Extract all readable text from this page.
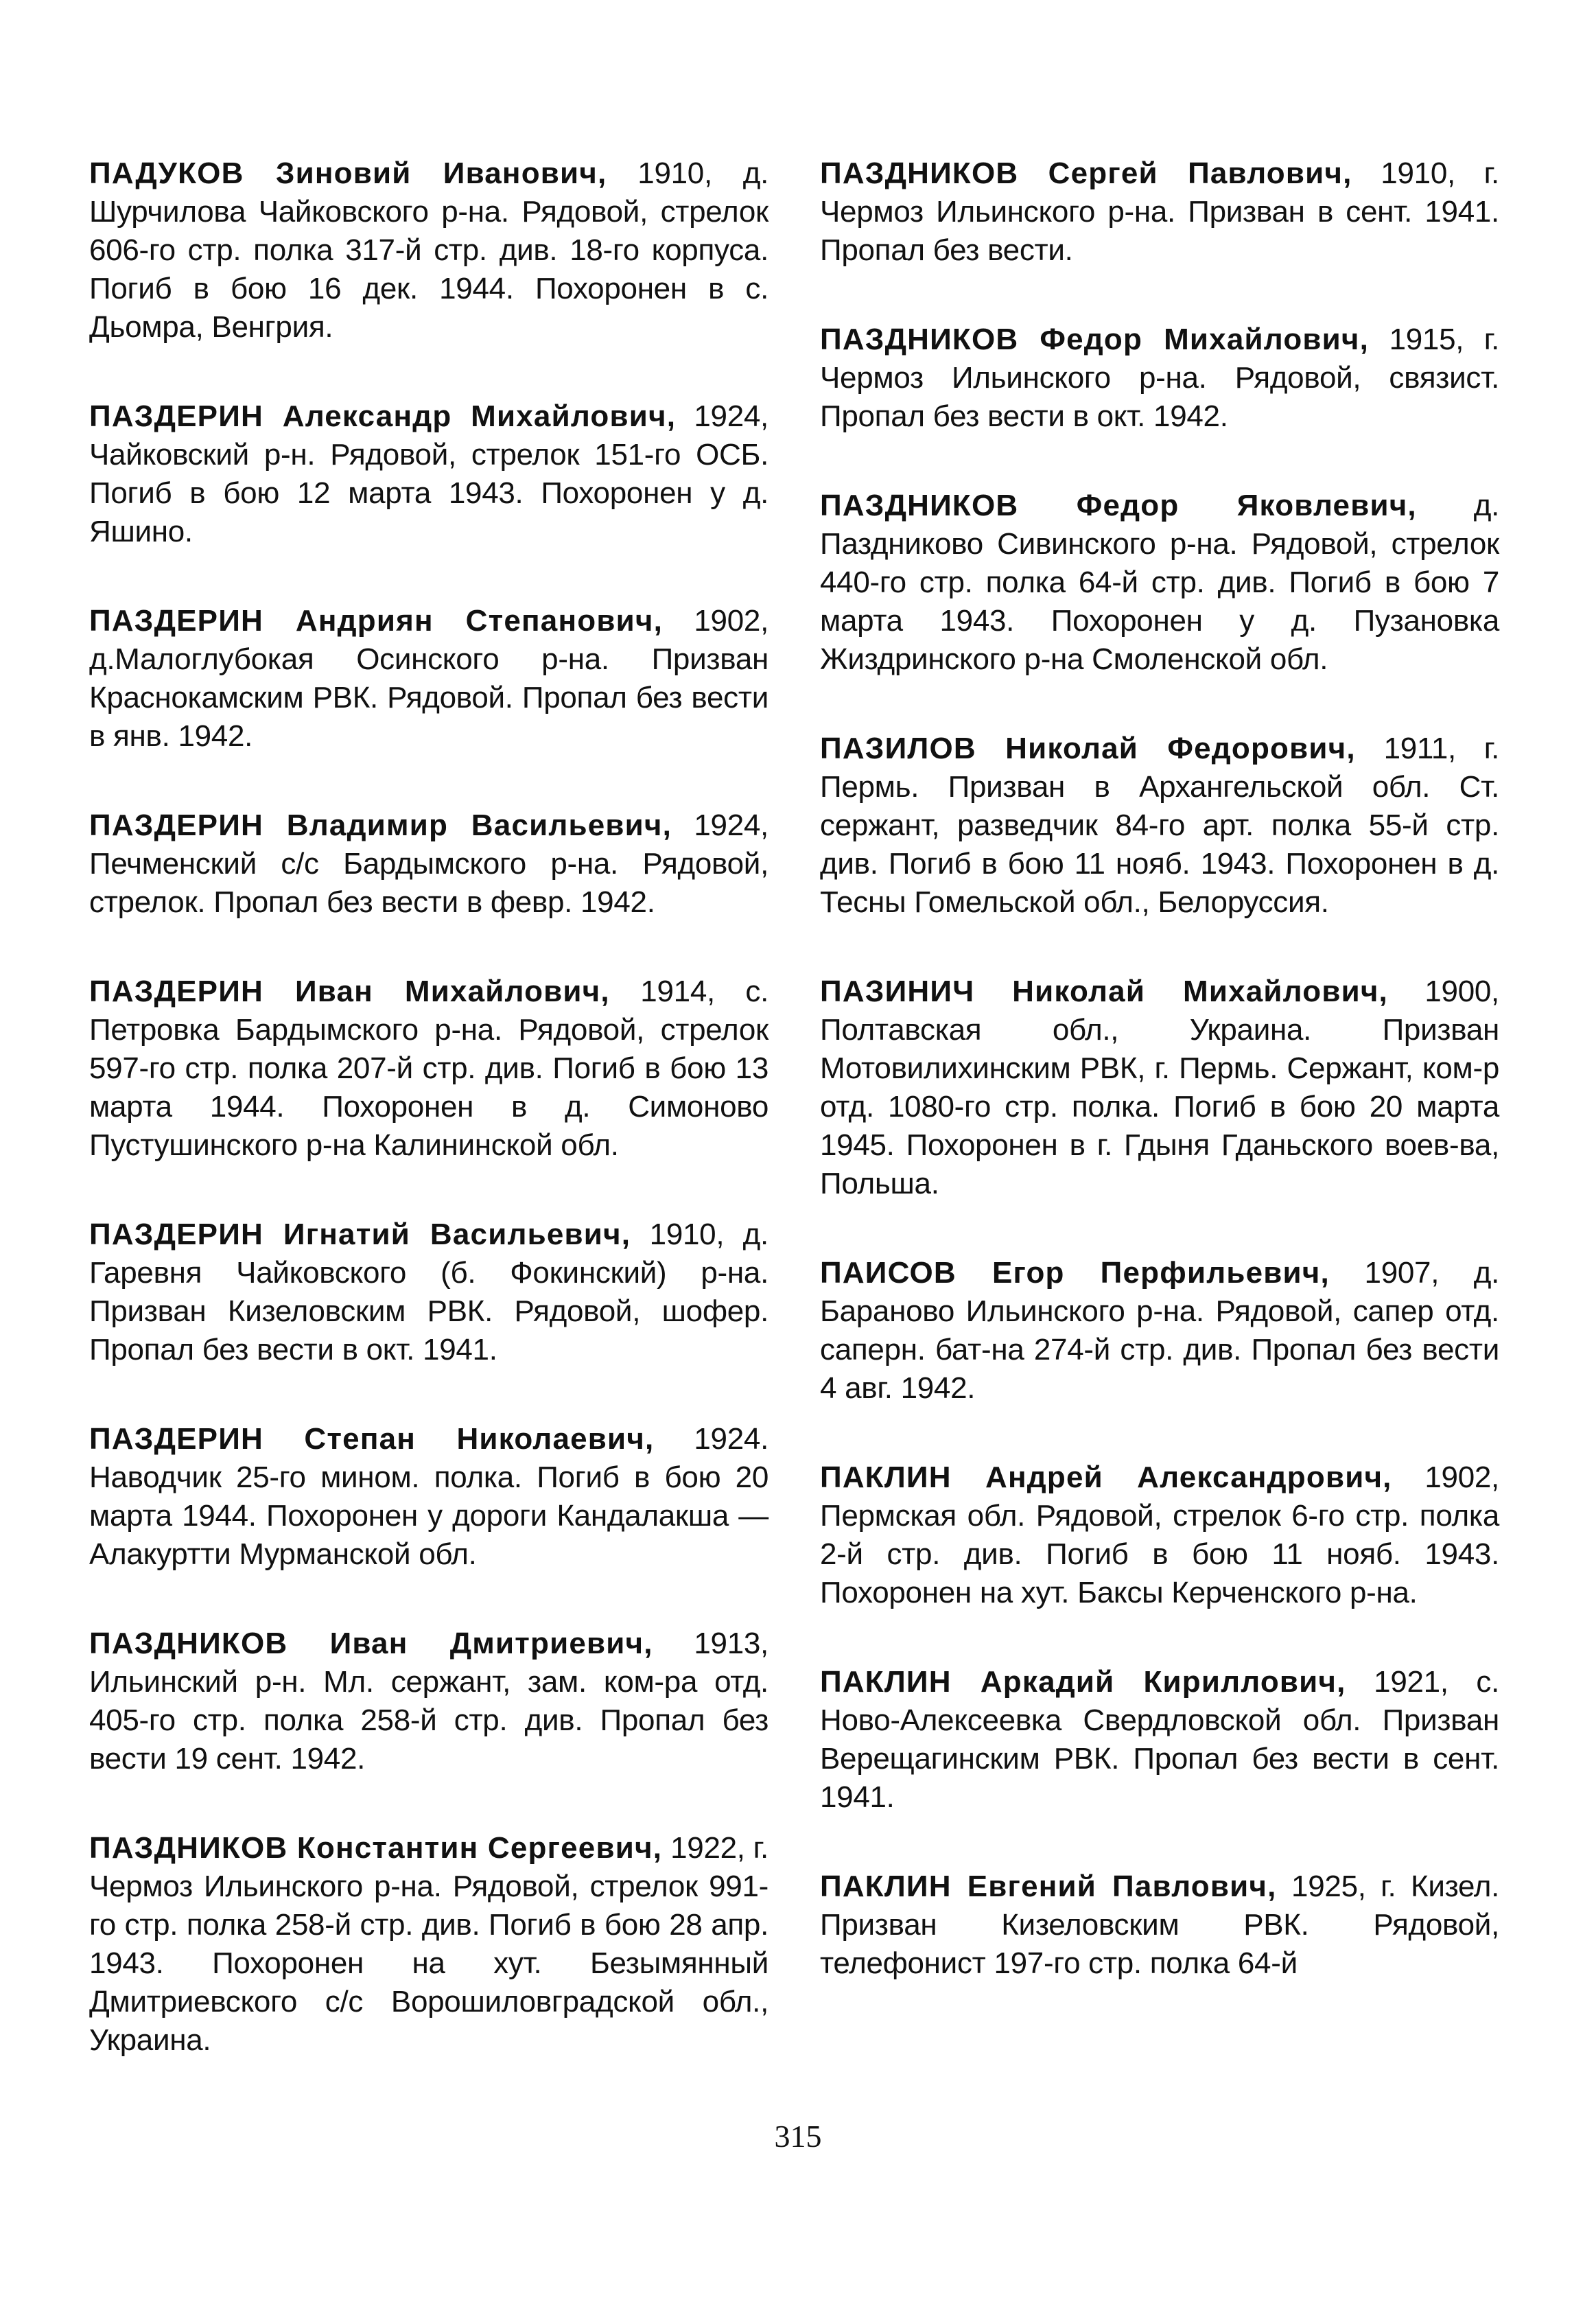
ПАДУКОВ Зиновий Иванович, 1910, д. Шурчилова Чайковского р-на. Рядовой, стрелок 606-го стр. полка 317-й стр. див. 18-го корпуса. Погиб в бою 16 дек. 1944. Похоронен в с. Дьомра, Венгрия.

ПАЗДЕРИН Александр Михайлович, 1924, Чайковский р-н. Рядовой, стрелок 151-го ОСБ. Погиб в бою 12 марта 1943. Похоронен у д. Яшино.

ПАЗДЕРИН Андриян Степанович, 1902, д.Малоглубокая Осинского р-на. Призван Краснокамским РВК. Рядовой. Пропал без вести в янв. 1942.

ПАЗДЕРИН Владимир Васильевич, 1924, Печменский с/с Бардымского р-на. Рядовой, стрелок. Пропал без вести в февр. 1942.

ПАЗДЕРИН Иван Михайлович, 1914, с. Петровка Бардымского р-на. Рядовой, стрелок 597-го стр. полка 207-й стр. див. Погиб в бою 13 марта 1944. Похоронен в д. Симоново Пустушинского р-на Калининской обл.

ПАЗДЕРИН Игнатий Васильевич, 1910, д. Гаревня Чайковского (б. Фокинский) р-на. Призван Кизеловским РВК. Рядовой, шофер. Пропал без вести в окт. 1941.

ПАЗДЕРИН Степан Николаевич, 1924. Наводчик 25-го мином. полка. Погиб в бою 20 марта 1944. Похоронен у дороги Кандалакша — Алакуртти Мурманской обл.

ПАЗДНИКОВ Иван Дмитриевич, 1913, Ильинский р-н. Мл. сержант, зам. ком-ра отд. 405-го стр. полка 258-й стр. див. Пропал без вести 19 сент. 1942.

ПАЗДНИКОВ Константин Сергеевич, 1922, г. Чермоз Ильинского р-на. Рядовой, стрелок 991-го стр. полка 258-й стр. див. Погиб в бою 28 апр. 1943. Похоронен на хут. Безымянный Дмитриевского с/с Ворошиловградской обл., Украина.

ПАЗДНИКОВ Сергей Павлович, 1910, г. Чермоз Ильинского р-на. Призван в сент. 1941. Пропал без вести.

ПАЗДНИКОВ Федор Михайлович, 1915, г. Чермоз Ильинского р-на. Рядовой, связист. Пропал без вести в окт. 1942.

ПАЗДНИКОВ Федор Яковлевич, д. Паздниково Сивинского р-на. Рядовой, стрелок 440-го стр. полка 64-й стр. див. Погиб в бою 7 марта 1943. Похоронен у д. Пузановка Жиздринского р-на Смоленской обл.

ПАЗИЛОВ Николай Федорович, 1911, г. Пермь. Призван в Архангельской обл. Ст. сержант, разведчик 84-го арт. полка 55-й стр. див. Погиб в бою 11 нояб. 1943. Похоронен в д. Тесны Гомельской обл., Белоруссия.

ПАЗИНИЧ Николай Михайлович, 1900, Полтавская обл., Украина. Призван Мотовилихинским РВК, г. Пермь. Сержант, ком-р отд. 1080-го стр. полка. Погиб в бою 20 марта 1945. Похоронен в г. Гдыня Гданьского воев-ва, Польша.

ПАИСОВ Егор Перфильевич, 1907, д. Бараново Ильинского р-на. Рядовой, сапер отд. саперн. бат-на 274-й стр. див. Пропал без вести 4 авг. 1942.

ПАКЛИН Андрей Александрович, 1902, Пермская обл. Рядовой, стрелок 6-го стр. полка 2-й стр. див. Погиб в бою 11 нояб. 1943. Похоронен на хут. Баксы Керченского р-на.

ПАКЛИН Аркадий Кириллович, 1921, с. Ново-Алексеевка Свердловской обл. Призван Верещагинским РВК. Пропал без вести в сент. 1941.

ПАКЛИН Евгений Павлович, 1925, г. Кизел. Призван Кизеловским РВК. Рядовой, телефонист 197-го стр. полка 64-й

315
